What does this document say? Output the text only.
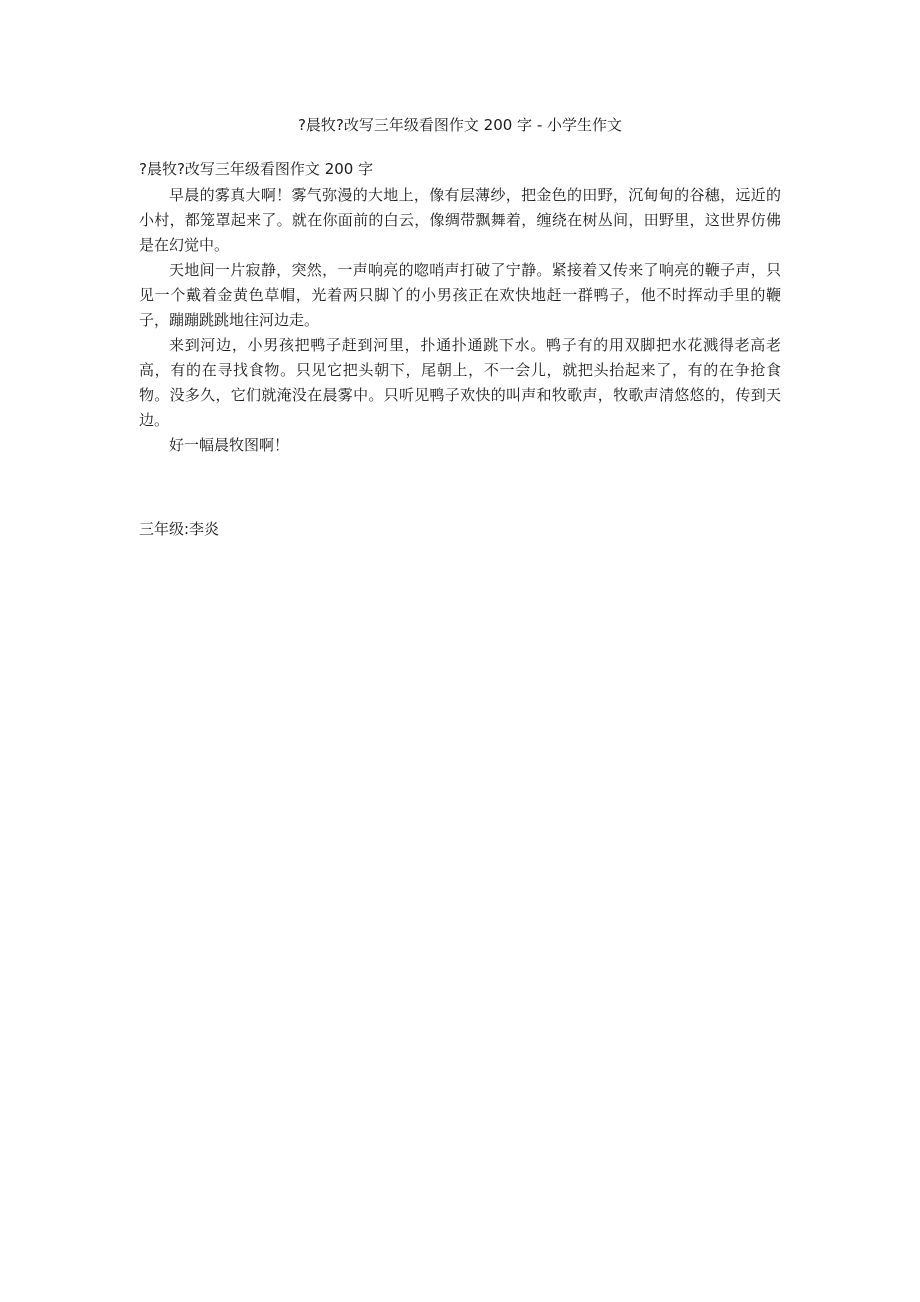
?晨牧?改写三年级看图作文 200 字 - 小学生作文
?晨牧?改写三年级看图作文 200 字

早晨的雾真大啊！雾气弥漫的大地上，像有层薄纱，把金色的田野，沉甸甸的谷穗，远近的小村，都笼罩起来了。就在你面前的白云，像绸带飘舞着，缠绕在树丛间，田野里，这世界仿佛是在幻觉中。

天地间一片寂静，突然，一声响亮的唿哨声打破了宁静。紧接着又传来了响亮的鞭子声，只见一个戴着金黄色草帽，光着两只脚丫的小男孩正在欢快地赶一群鸭子，他不时挥动手里的鞭子，蹦蹦跳跳地往河边走。

来到河边，小男孩把鸭子赶到河里，扑通扑通跳下水。鸭子有的用双脚把水花溅得老高老高，有的在寻找食物。只见它把头朝下，尾朝上，不一会儿，就把头抬起来了，有的在争抢食物。没多久，它们就淹没在晨雾中。只听见鸭子欢快的叫声和牧歌声，牧歌声清悠悠的，传到天边。

好一幅晨牧图啊！

三年级:李炎
